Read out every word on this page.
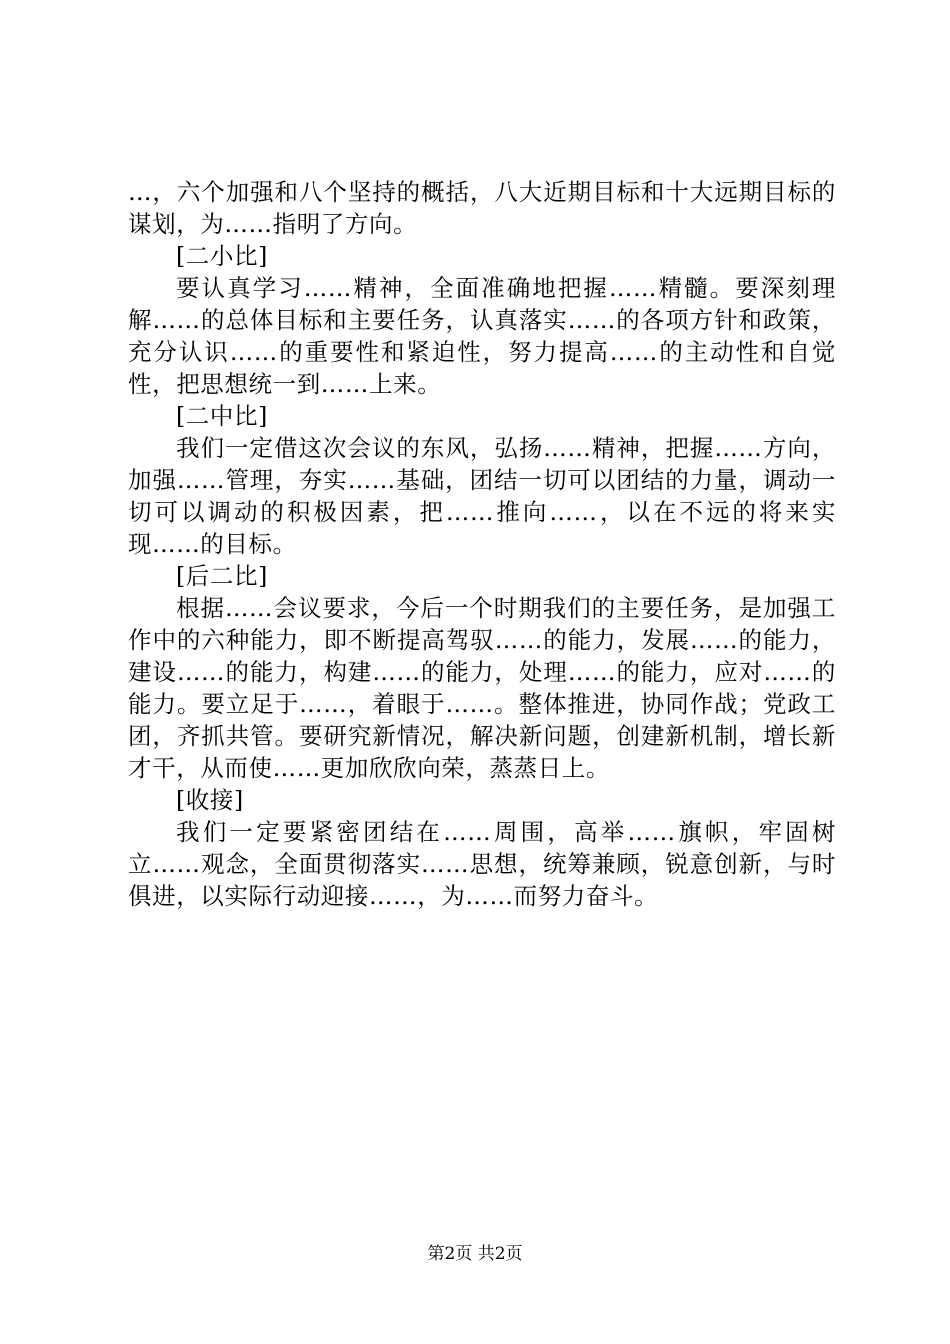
…，六个加强和八个坚持的概括，八大近期目标和十大远期目标的谋划，为……指明了方向。

[二小比]

要认真学习……精神，全面准确地把握……精髓。要深刻理解……的总体目标和主要任务，认真落实……的各项方针和政策，充分认识……的重要性和紧迫性，努力提高……的主动性和自觉性，把思想统一到……上来。

[二中比]

我们一定借这次会议的东风，弘扬……精神，把握……方向，加强……管理，夯实……基础，团结一切可以团结的力量，调动一切可以调动的积极因素，把……推向……，以在不远的将来实现……的目标。

[后二比]

根据……会议要求，今后一个时期我们的主要任务，是加强工作中的六种能力，即不断提高驾驭……的能力，发展……的能力，建设……的能力，构建……的能力，处理……的能力，应对……的能力。要立足于……，着眼于……。整体推进，协同作战；党政工团，齐抓共管。要研究新情况，解决新问题，创建新机制，增长新才干，从而使……更加欣欣向荣，蒸蒸日上。

[收接]

我们一定要紧密团结在……周围，高举……旗帜，牢固树立……观念，全面贯彻落实……思想，统筹兼顾，锐意创新，与时俱进，以实际行动迎接……，为……而努力奋斗。

第2页 共2页
